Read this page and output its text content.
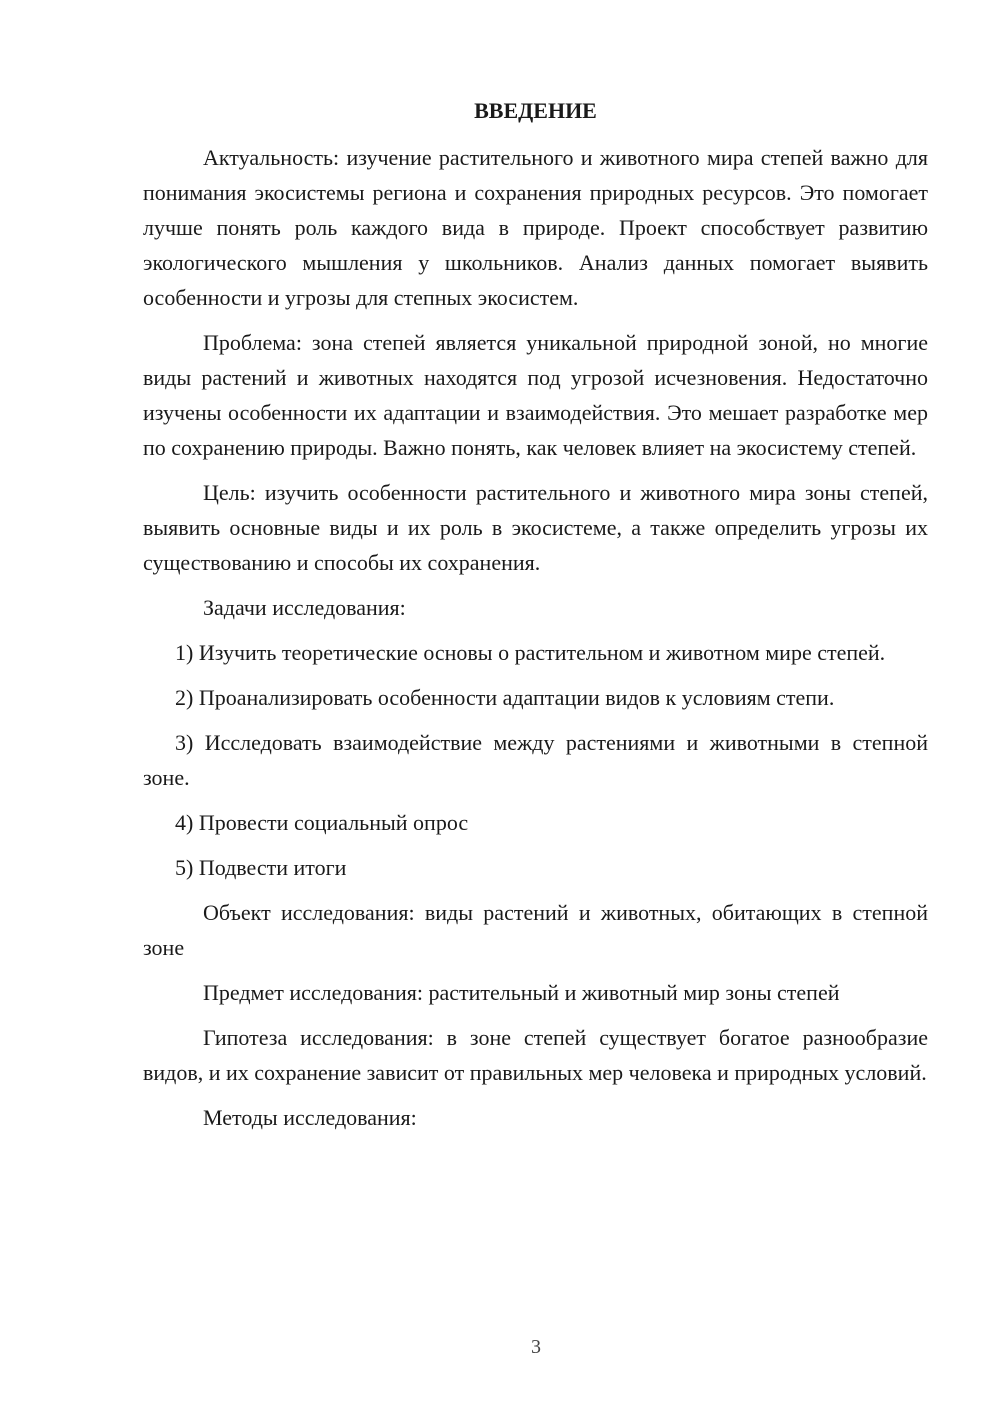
ВВЕДЕНИЕ

Актуальность: изучение растительного и животного мира степей важно для понимания экосистемы региона и сохранения природных ресурсов. Это помогает лучше понять роль каждого вида в природе. Проект способствует развитию экологического мышления у школьников. Анализ данных помогает выявить особенности и угрозы для степных экосистем.

Проблема: зона степей является уникальной природной зоной, но многие виды растений и животных находятся под угрозой исчезновения. Недостаточно изучены особенности их адаптации и взаимодействия. Это мешает разработке мер по сохранению природы. Важно понять, как человек влияет на экосистему степей.

Цель: изучить особенности растительного и животного мира зоны степей, выявить основные виды и их роль в экосистеме, а также определить угрозы их существованию и способы их сохранения.

Задачи исследования:

1) Изучить теоретические основы о растительном и животном мире степей.

2) Проанализировать особенности адаптации видов к условиям степи.

3) Исследовать взаимодействие между растениями и животными в степной зоне.

4) Провести социальный опрос

5) Подвести итоги

Объект исследования: виды растений и животных, обитающих в степной зоне

Предмет исследования: растительный и животный мир зоны степей

Гипотеза исследования: в зоне степей существует богатое разнообразие видов, и их сохранение зависит от правильных мер человека и природных условий.

Методы исследования:

3
